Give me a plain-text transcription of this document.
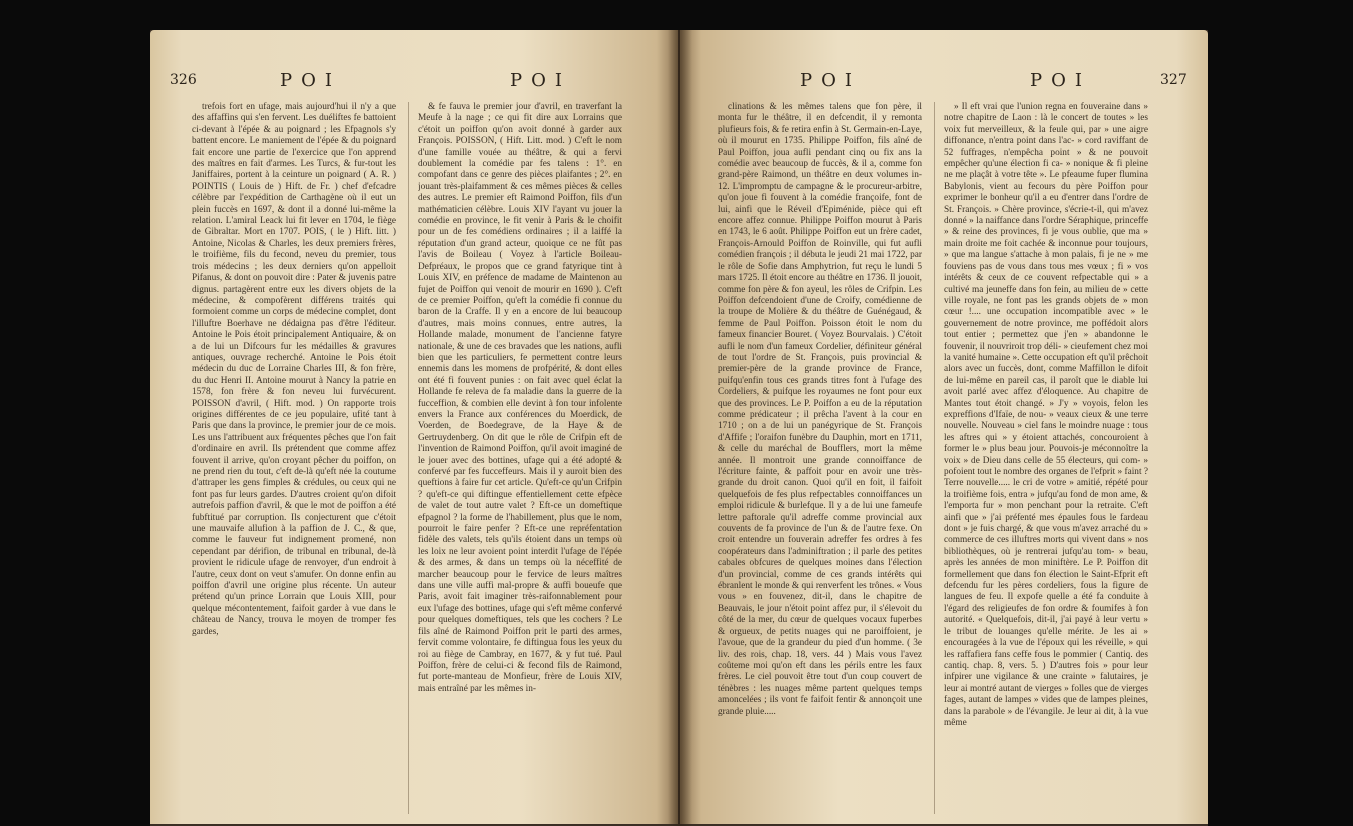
326	POI	POI

trefois fort en ufage, mais aujourd'hui il n'y a que des affaffins qui s'en fervent. Les duéliftes fe battoient ci-devant à l'épée & au poignard ; les Efpagnols s'y battent encore. Le maniement de l'épée & du poignard fait encore une partie de l'exercice que l'on apprend des maîtres en fait d'armes. Les Turcs, & fur-tout les Janiffaires, portent à la ceinture un poignard ( A. R. ) POINTIS ( Louis de ) Hift. de Fr. ) chef d'efcadre célèbre par l'expédition de Carthagène où il eut un plein fuccès en 1697, & dont il a donné lui-même la relation. L'amiral Leack lui fit lever en 1704, le fiège de Gibraltar. Mort en 1707. POIS, ( le ) Hift. litt. ) Antoine, Nicolas & Charles, les deux premiers frères, le troifième, fils du fecond, neveu du premier, tous trois médecins ; les deux derniers qu'on appelloit Pifanus, & dont on pouvoit dire : Pater & juvenis patre dignus. partagèrent entre eux les divers objets de la médecine, & compofèrent différens traités qui formoient comme un corps de médecine complet, dont l'illuftre Boerhave ne dédaigna pas d'être l'éditeur. Antoine le Pois étoit principalement Antiquaire, & on a de lui un Difcours fur les médailles & gravures antiques, ouvrage recherché. Antoine le Pois étoit médecin du duc de Lorraine Charles III, & fon frère, du duc Henri II. Antoine mourut à Nancy la patrie en 1578, fon frère & fon neveu lui furvécurent. POISSON d'avril, ( Hift. mod. ) On rapporte trois origines différentes de ce jeu populaire, ufité tant à Paris que dans la province, le premier jour de ce mois. Les uns l'attribuent aux fréquentes pêches que l'on fait d'ordinaire en avril. Ils prétendent que comme affez fouvent il arrive, qu'on croyant pêcher du poiffon, on ne prend rien du tout, c'eft de-là qu'eft née la coutume d'attraper les gens fimples & crédules, ou ceux qui ne font pas fur leurs gardes. D'autres croient qu'on difoit autrefois paffion d'avril, & que le mot de poiffon a été fubftitué par corruption. Ils conjecturent que c'étoit une mauvaife allufion à la paffion de J. C., & que, comme le fauveur fut indignement promené, non cependant par dérifion, de tribunal en tribunal, de-là provient le ridicule ufage de renvoyer, d'un endroit à l'autre, ceux dont on veut s'amufer. On donne enfin au poiffon d'avril une origine plus récente. Un auteur prétend qu'un prince Lorrain que Louis XIII, pour quelque mécontentement, faifoit garder à vue dans le château de Nancy, trouva le moyen de tromper fes gardes,

& fe fauva le premier jour d'avril, en traverfant la Meufe à la nage ; ce qui fit dire aux Lorrains que c'étoit un poiffon qu'on avoit donné à garder aux François. POISSON, ( Hift. Litt. mod. ) C'eft le nom d'une famille vouée au théâtre, & qui a fervi doublement la comédie par fes talens : 1°. en compofant dans ce genre des pièces plaifantes ; 2°. en jouant très-plaifamment & ces mêmes pièces & celles des autres. Le premier eft Raimond Poiffon, fils d'un mathématicien célèbre. Louis XIV l'ayant vu jouer la comédie en province, le fit venir à Paris & le choifit pour un de fes comédiens ordinaires ; il a laiffé la réputation d'un grand acteur, quoique ce ne fût pas l'avis de Boileau ( Voyez à l'article Boileau-Defpréaux, le propos que ce grand fatyrique tint à Louis XIV, en préfence de madame de Maintenon au fujet de Poiffon qui venoit de mourir en 1690 ). C'eft de ce premier Poiffon, qu'eft la comédie fi connue du baron de la Craffe. Il y en a encore de lui beaucoup d'autres, mais moins connues, entre autres, la Hollande malade, monument de l'ancienne fatyre nationale, & une de ces bravades que les nations, aufli bien que les particuliers, fe permettent contre leurs ennemis dans les momens de profpérité, & dont elles ont été fi fouvent punies : on fait avec quel éclat la Hollande fe releva de fa maladie dans la guerre de la fucceffion, & combien elle devint à fon tour infolente envers la France aux conférences du Moerdick, de Voerden, de Boedegrave, de la Haye & de Gertruydenberg. On dit que le rôle de Crifpin eft de l'invention de Raimond Poiffon, qu'il avoit imaginé de le jouer avec des bottines, ufage qui a été adopté & confervé par fes fucceffeurs. Mais il y auroit bien des queftions à faire fur cet article. Qu'eft-ce qu'un Crifpin ? qu'eft-ce qui diftingue effentiellement cette efpèce de valet de tout autre valet ? Eft-ce un domeftique efpagnol ? la forme de l'habillement, plus que le nom, pourroit le faire penfer ? Eft-ce une repréfentation fidèle des valets, tels qu'ils étoient dans un temps où les loix ne leur avoient point interdit l'ufage de l'épée & des armes, & dans un temps où la néceffité de marcher beaucoup pour le fervice de leurs maîtres dans une ville auffi mal-propre & auffi boueufe que Paris, avoit fait imaginer très-raifonnablement pour eux l'ufage des bottines, ufage qui s'eft même confervé pour quelques domeftiques, tels que les cochers ? Le fils aîné de Raimond Poiffon prit le parti des armes, fervit comme volontaire, fe diftingua fous les yeux du roi au fiège de Cambray, en 1677, & y fut tué. Paul Poiffon, frère de celui-ci & fecond fils de Raimond, fut porte-manteau de Monfieur, frère de Louis XIV, mais entraîné par les mêmes in-

POI	POI	327

clinations & les mêmes talens que fon père, il monta fur le théâtre, il en defcendit, il y remonta plufieurs fois, & fe retira enfin à St. Germain-en-Laye, où il mourut en 1735. Philippe Poiffon, fils aîné de Paul Poiffon, joua aufli pendant cinq ou fix ans la comédie avec beaucoup de fuccès, & il a, comme fon grand-père Raimond, un théâtre en deux volumes in-12. L'impromptu de campagne & le procureur-arbitre, qu'on joue fi fouvent à la comédie françoife, font de lui, ainfi que le Réveil d'Epiménide, pièce qui eft encore affez connue. Philippe Poiffon mourut à Paris en 1743, le 6 août. Philippe Poiffon eut un frère cadet, François-Arnould Poiffon de Roinville, qui fut aufli comédien françois ; il débuta le jeudi 21 mai 1722, par le rôle de Sofie dans Amphytrion, fut reçu le lundi 5 mars 1725. Il étoit encore au théâtre en 1736. Il jouoit, comme fon père & fon ayeul, les rôles de Crifpin. Les Poiffon defcendoient d'une de Croify, comédienne de la troupe de Molière & du théâtre de Guénégaud, & femme de Paul Poiffon. Poisson étoit le nom du fameux financier Bouret. ( Voyez Bourvalais. ) C'étoit aufli le nom d'un fameux Cordelier, définiteur général de tout l'ordre de St. François, puis provincial & premier-père de la grande province de France, puifqu'enfin tous ces grands titres font à l'ufage des Cordeliers, & puifque les royaumes ne font pour eux que des provinces. Le P. Poiffon a eu de la réputation comme prédicateur ; il prêcha l'avent à la cour en 1710 ; on a de lui un panégyrique de St. François d'Affife ; l'oraifon funèbre du Dauphin, mort en 1711, & celle du maréchal de Boufflers, mort la même année. Il montroit une grande connoiffance de l'écriture fainte, & paffoit pour en avoir une très-grande du droit canon. Quoi qu'il en foit, il faifoit quelquefois de fes plus refpectables connoiffances un emploi ridicule & burlefque. Il y a de lui une fameufe lettre paftorale qu'il adreffe comme provincial aux couvents de fa province de l'un & de l'autre fexe. On croit entendre un fouverain adreffer fes ordres à fes coopérateurs dans l'adminiftration ; il parle des petites cabales obfcures de quelques moines dans l'élection d'un provincial, comme de ces grands intérêts qui ébranlent le monde & qui renverfent les trônes. « Vous vous » en fouvenez, dit-il, dans le chapitre de Beauvais, le jour n'étoit point affez pur, il s'élevoit du côté de la mer, du cœur de quelques vocaux fuperbes & orgueux, de petits nuages qui ne paroiffoient, je l'avoue, que de la grandeur du pied d'un homme. ( 3e liv. des rois, chap. 18, vers. 44 ) Mais vous l'avez coûteme moi qu'on eft dans les périls entre les faux frères. Le ciel pouvoit être tout d'un coup couvert de ténèbres : les nuages même partent quelques temps amoncelées ; ils vont fe faifoit fentir & annonçoit une grande pluie.....

» Il eft vrai que l'union regna en fouveraine dans » notre chapitre de Laon : là le concert de toutes » les voix fut merveilleux, & la feule qui, par » une aigre diffonance, n'entra point dans l'ac- » cord raviffant de 52 fuffrages, n'empêcha point » & ne pouvoit empêcher qu'une élection fi ca- » nonique & fi pleine ne me plaçât à votre tête ». Le pfeaume fuper flumina Babylonis, vient au fecours du père Poiffon pour exprimer le bonheur qu'il a eu d'entrer dans l'ordre de St. François. » Chère province, s'écrie-t-il, qui m'avez donné » la naiffance dans l'ordre Séraphique, princeffe » & reine des provinces, fi je vous oublie, que ma » main droite me foit cachée & inconnue pour toujours, » que ma langue s'attache à mon palais, fi je ne » me fouviens pas de vous dans tous mes vœux ; fi » vos intérêts & ceux de ce couvent refpectable qui » a cultivé ma jeuneffe dans fon fein, au milieu de » cette ville royale, ne font pas les grands objets de » mon cœur !.... une occupation incompatible avec » le gouvernement de notre province, me poffédoit alors tout entier ; permettez que j'en » abandonne le fouvenir, il nouvriroit trop déli- » cieufement chez moi la vanité humaine ». Cette occupation eft qu'il prêchoit alors avec un fuccès, dont, comme Maffillon le difoit de lui-même en pareil cas, il paroît que le diable lui avoit parlé avec affez d'éloquence. Au chapitre de Mantes tout étoit changé. » J'y » voyois, felon les expreffions d'Ifaïe, de nou- » veaux cieux & une terre nouvelle. Nouveau » ciel fans le moindre nuage : tous les aftres qui » y étoient attachés, concouroient à former le » plus beau jour. Pouvois-je méconnoître la voix » de Dieu dans celle de 55 électeurs, qui com- » pofoient tout le nombre des organes de l'efprit » faint ? Terre nouvelle..... le cri de votre » amitié, répété pour la troifième fois, entra » jufqu'au fond de mon ame, & l'emporta fur » mon penchant pour la retraite. C'eft ainfi que » j'ai préfenté mes épaules fous le fardeau dont » je fuis chargé, & que vous m'avez arraché du » commerce de ces illuftres morts qui vivent dans » nos bibliothèques, où je rentrerai jufqu'au tom- » beau, après les années de mon miniftère. Le P. Poiffon dit formellement que dans fon élection le Saint-Efprit eft defcendu fur les pères cordeliers, fous la figure de langues de feu. Il expofe quelle a été fa conduite à l'égard des religieufes de fon ordre & foumifes à fon autorité. « Quelquefois, dit-il, j'ai payé à leur vertu » le tribut de louanges qu'elle mérite. Je les ai » encouragées à la vue de l'époux qui les réveille, » qui les raffafiera fans ceffe fous le pommier ( Cantiq. des cantiq. chap. 8, vers. 5. ) D'autres fois » pour leur infpirer une vigilance & une crainte » falutaires, je leur ai montré autant de vierges » folles que de vierges fages, autant de lampes » vides que de lampes pleines, dans la parabole » de l'évangile. Je leur ai dit, à la vue même
